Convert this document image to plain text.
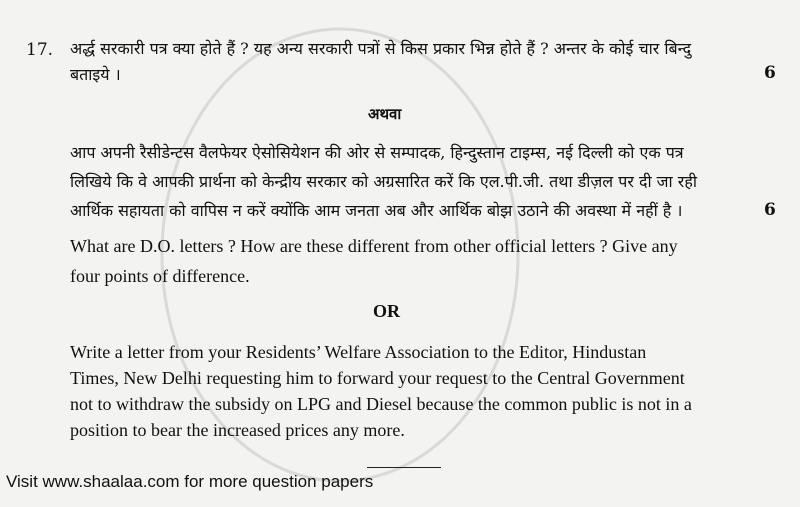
17. अर्द्ध सरकारी पत्र क्या होते हैं ? यह अन्य सरकारी पत्रों से किस प्रकार भिन्न होते हैं ? अन्तर के कोई चार बिन्दु
बताइये ।	6
अथवा
आप अपनी रैसीडेन्टस वैलफेयर ऐसोसियेशन की ओर से सम्पादक, हिन्दुस्तान टाइम्स, नई दिल्ली को एक पत्र
लिखिये कि वे आपकी प्रार्थना को केन्द्रीय सरकार को अग्रसारित करें कि एल.पी.जी. तथा डीज़ल पर दी जा रही
आर्थिक सहायता को वापिस न करें क्योंकि आम जनता अब और आर्थिक बोझ उठाने की अवस्था में नहीं है ।	6
What are D.O. letters ? How are these different from other official letters ? Give any
four points of difference.
OR
Write a letter from your Residents’ Welfare Association to the Editor, Hindustan
Times, New Delhi requesting him to forward your request to the Central Government
not to withdraw the subsidy on LPG and Diesel because the common public is not in a
position to bear the increased prices any more.
Visit www.shaalaa.com for more question papers
